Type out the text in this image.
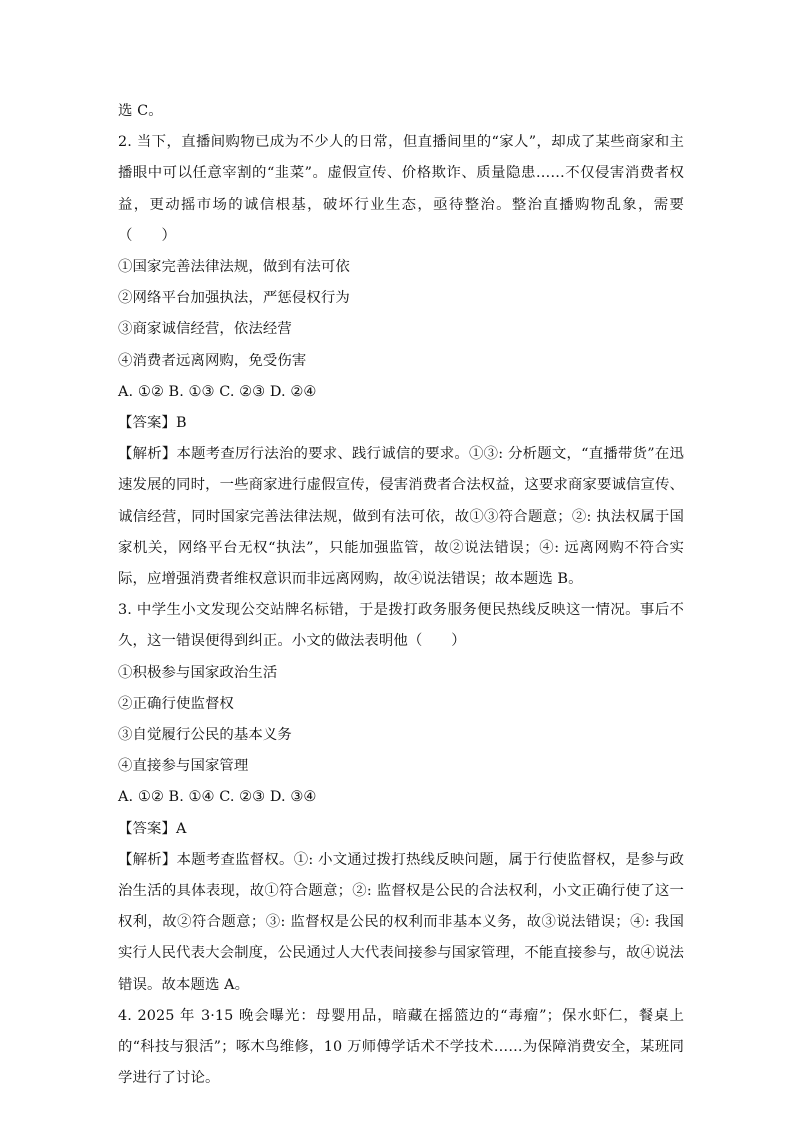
选 C。
2. 当下，直播间购物已成为不少人的日常，但直播间里的“家人”，却成了某些商家和主播眼中可以任意宰割的“韭菜”。虚假宣传、价格欺诈、质量隐患……不仅侵害消费者权益，更动摇市场的诚信根基，破坏行业生态，亟待整治。整治直播购物乱象，需要（　　）
①国家完善法律法规，做到有法可依
②网络平台加强执法，严惩侵权行为
③商家诚信经营，依法经营
④消费者远离网购，免受伤害
A. ①② B. ①③ C. ②③ D. ②④
【答案】B
【解析】本题考查厉行法治的要求、践行诚信的要求。①③: 分析题文，“直播带货”在迅速发展的同时，一些商家进行虚假宣传，侵害消费者合法权益，这要求商家要诚信宣传、诚信经营，同时国家完善法律法规，做到有法可依，故①③符合题意；②: 执法权属于国家机关，网络平台无权“执法”，只能加强监管，故②说法错误；④: 远离网购不符合实际，应增强消费者维权意识而非远离网购，故④说法错误；故本题选 B。
3. 中学生小文发现公交站牌名标错，于是拨打政务服务便民热线反映这一情况。事后不久，这一错误便得到纠正。小文的做法表明他（　　）
①积极参与国家政治生活
②正确行使监督权
③自觉履行公民的基本义务
④直接参与国家管理
A. ①② B. ①④ C. ②③ D. ③④
【答案】A
【解析】本题考查监督权。①: 小文通过拨打热线反映问题，属于行使监督权，是参与政治生活的具体表现，故①符合题意；②: 监督权是公民的合法权利，小文正确行使了这一权利，故②符合题意；③: 监督权是公民的权利而非基本义务，故③说法错误；④: 我国实行人民代表大会制度，公民通过人大代表间接参与国家管理，不能直接参与，故④说法错误。故本题选 A。
4. 2025 年 3·15 晚会曝光：母婴用品，暗藏在摇篮边的“毒瘤”；保水虾仁，餐桌上的“科技与狠活”；啄木鸟维修，10 万师傅学话术不学技术……为保障消费安全，某班同学进行了讨论。
